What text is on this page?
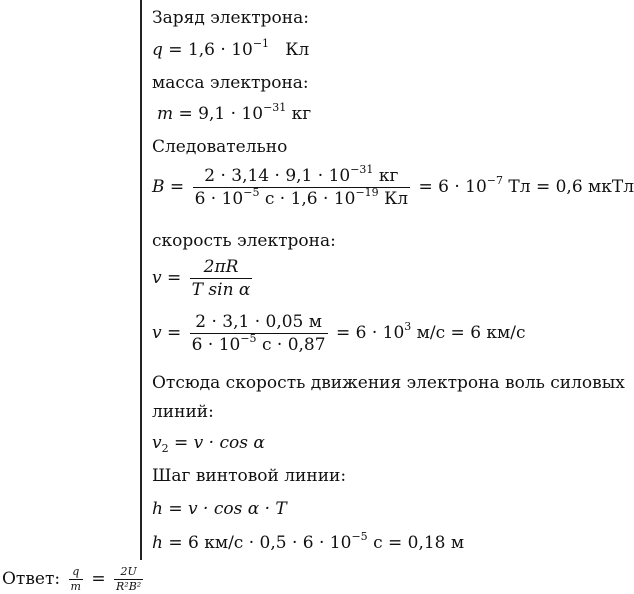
Заряд электрона:
$q = 1,6 \cdot 10^{-1}$   Кл
масса электрона:
$m = 9,1 \cdot 10^{-31}$ кг
Следовательно
$B = \frac{2 \cdot 3,14 \cdot 9,1 \cdot 10^{-31} кг}{6 \cdot 10^{-5} с \cdot 1,6 \cdot 10^{-19} Кл} = 6 \cdot 10^{-7}$ Тл = 0,6 мкТл
скорость электрона:
$v = \frac{2\pi R}{\text{T sin α}}$
$v = \frac{2 \cdot 3,1 \cdot 0,05 м}{6 \cdot 10^{-5} с \cdot 0,87} = 6 \cdot 10^3$ м/с = 6 км/с
Отсюда скорость движения электрона воль силовых
линий:
$v_2 = v \cdot \cos \alpha$
Шаг винтовой линии:
h = v · cos α · T
h = 6 $км/с \cdot 0,5 \cdot 6 \cdot 10^{-5}$ с = 0,18 м
Ответ: $\frac{q}{m} = \frac{2U}{\text{R²B²}}$
